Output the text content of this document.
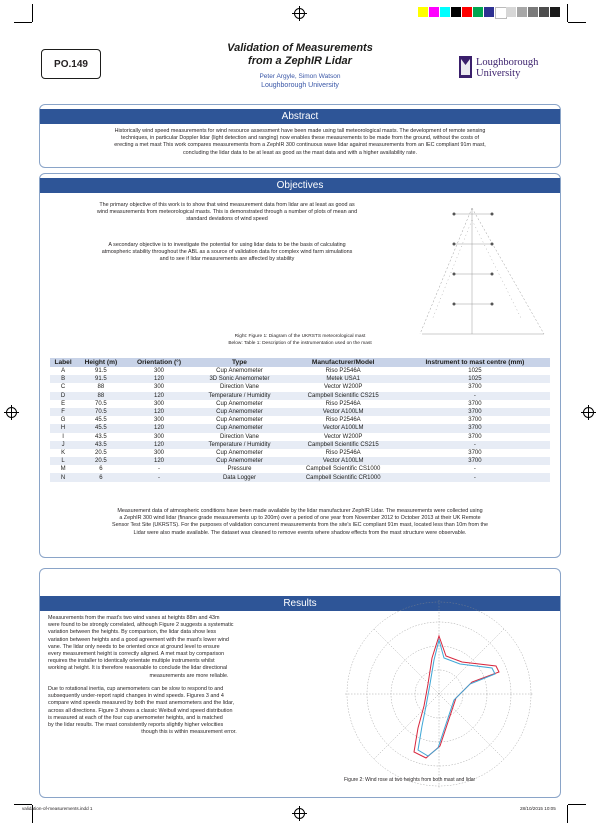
PO.149
Validation of Measurements
from a ZephIR Lidar
Peter Argyle, Simon Watson
Loughborough University
Loughborough
University
Abstract
Historically wind speed measurements for wind resource assessment have been made using tall meteorological masts. The development of remote sensing
techniques, in particular Doppler lidar (light detection and ranging) now enables these measurements to be made from the ground, without the costs of
erecting a met mast This work compares measurements from a ZephIR 300 continuous wave lidar against measurements from an IEC compliant 91m mast,
concluding the lidar data to be at least as good as the mast data and with a higher availability rate.
Objectives
The primary objective of this work is to show that wind measurement data from lidar are at least as good as
wind measurements from meteorological masts. This is demonstrated through a number of plots of mean and
standard deviations of wind speed
A secondary objective is to investigate the potential for using lidar data to be the basis of calculating
atmospheric stability throughout the ABL as a source of validation data for complex wind farm simulations
and to see if lidar measurements are affected by stability
Right: Figure 1: Diagram of the UKRSTS meteorological mast
Below: Table 1: Description of the instrumentation used on the mast
Label	Height (m)	Orientation (°)	Type	Manufacturer/Model	Instrument to mast centre (mm)
A	91.5	300	Cup Anemometer	Riso P2546A	1025
B	91.5	120	3D Sonic Anemometer	Metek USA1	1025
C	88	300	Direction Vane	Vector W200P	3700
D	88	120	Temperature / Humidity	Campbell Scientific CS215	-
E	70.5	300	Cup Anemometer	Riso P2546A	3700
F	70.5	120	Cup Anemometer	Vector A100LM	3700
G	45.5	300	Cup Anemometer	Riso P2546A	3700
H	45.5	120	Cup Anemometer	Vector A100LM	3700
I	43.5	300	Direction Vane	Vector W200P	3700
J	43.5	120	Temperature / Humidity	Campbell Scientific CS215	-
K	20.5	300	Cup Anemometer	Riso P2546A	3700
L	20.5	120	Cup Anemometer	Vector A100LM	3700
M	6	-	Pressure	Campbell Scientific CS1000	-
N	6	-	Data Logger	Campbell Scientific CR1000	-
Measurement data of atmospheric conditions have been made available by the lidar manufacturer ZephIR Lidar. The measurements were collected using
a ZephIR 300 wind lidar (finance grade measurements up to 200m) over a period of one year from November 2012 to October 2013 at their UK Remote
Sensor Test Site (UKRSTS). For the purposes of validation concurrent measurements from the site's IEC compliant 91m mast, located less than 10m from the
Lidar were also made available. The dataset was cleaned to remove events where shadow effects from the mast structure were observable.
Results
Measurements from the mast's two wind vanes at heights 88m and 43m
were found to be strongly correlated, although Figure 2 suggests a systematic
variation between the heights. By comparison, the lidar data show less
variation between heights and a good agreement with the mast's lower wind
vane. The lidar only needs to be oriented once at ground level to ensure
every measurement height is correctly aligned. A met mast by comparison
requires the installer to identically orientate multiple instruments whilst
working at height. It is therefore reasonable to conclude the lidar directional
measurements are more reliable.
Due to rotational inertia, cup anemometers can be slow to respond to and
subsequently under-report rapid changes in wind speeds. Figures 3 and 4
compare wind speeds measured by both the mast anemometers and the lidar,
across all directions. Figure 3 shows a classic Weibull wind speed distribution
is measured at each of the four cup anemometer heights, and is matched
by the lidar results. The mast consistently reports slightly higher velocities
though this is within measurement error.
Figure 2: Wind rose at two heights from both mast and lidar
validation-of-measurements.indd 1	28/10/2015 10:05
